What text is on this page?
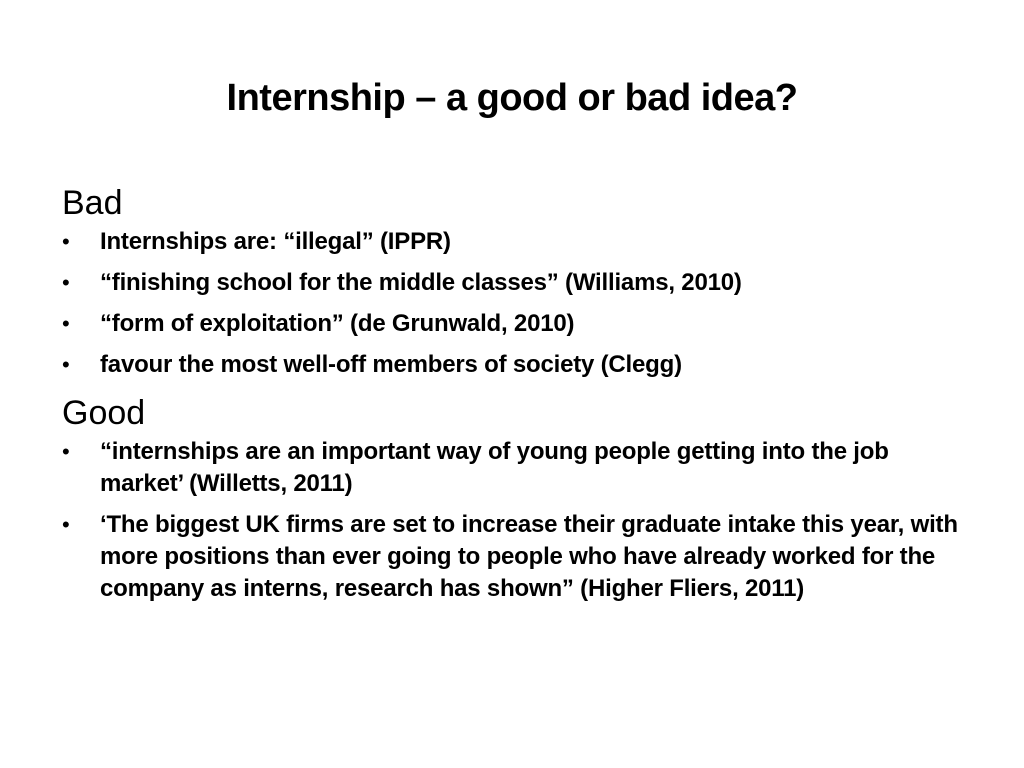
Internship – a good or bad idea?
Bad
•	Internships are: “illegal” (IPPR)
•	“finishing school for the middle classes” (Williams, 2010)
•	“form of exploitation” (de Grunwald, 2010)
•	favour the most well-off members of society (Clegg)
Good
•	“internships are an important way of young people getting into the job market’ (Willetts, 2011)
•	‘The biggest UK firms are set to increase their graduate intake this year, with more positions than ever going to people who have already worked for the company as interns, research has shown” (Higher Fliers, 2011)
